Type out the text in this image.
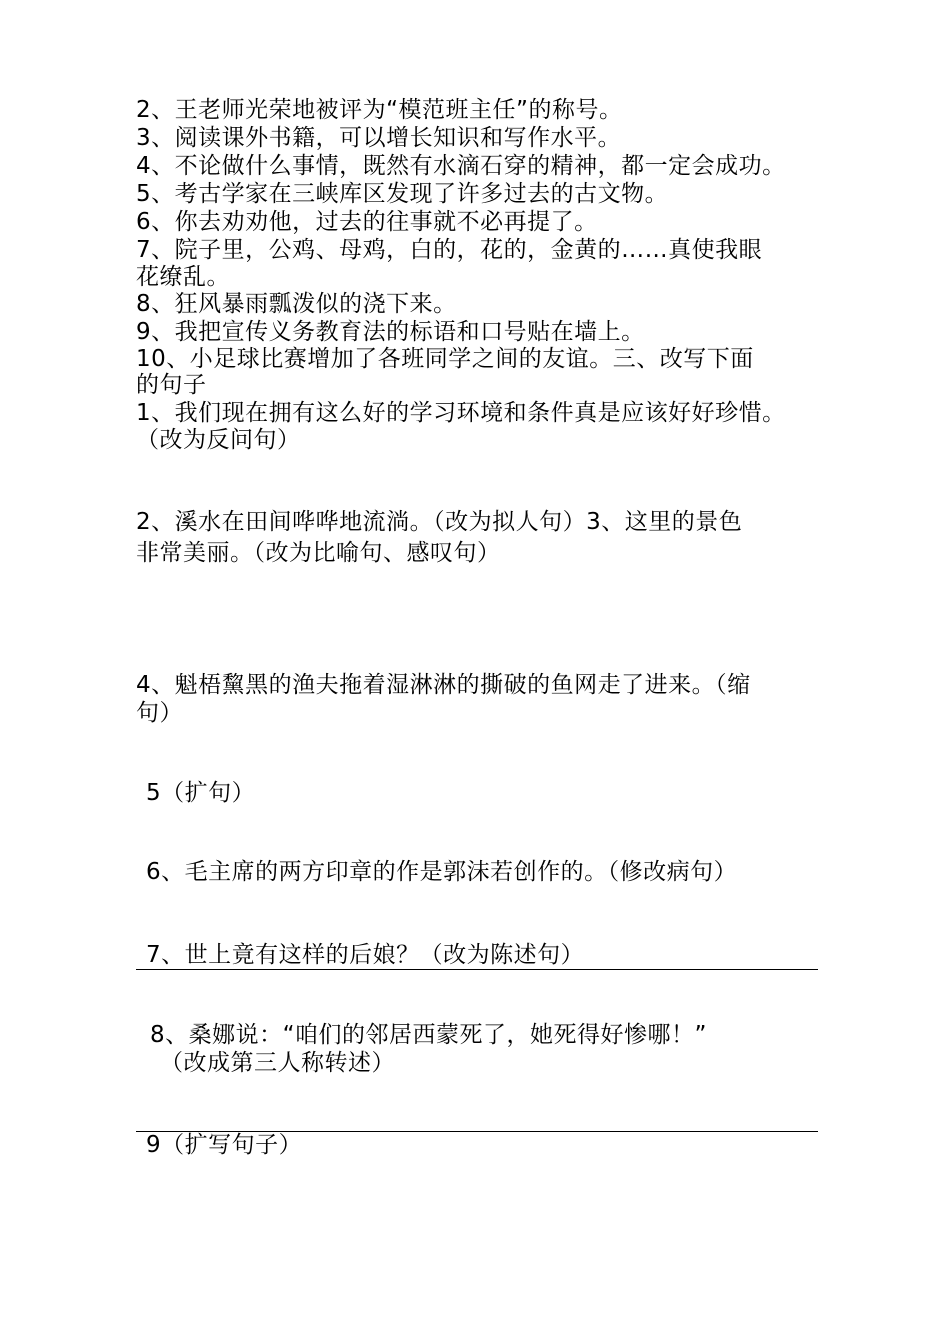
2、王老师光荣地被评为“模范班主任”的称号。
3、阅读课外书籍，可以增长知识和写作水平。
4、不论做什么事情，既然有水滴石穿的精神，都一定会成功。
5、考古学家在三峡库区发现了许多过去的古文物。
6、你去劝劝他，过去的往事就不必再提了。
7、院子里，公鸡、母鸡，白的，花的，金黄的……真使我眼
花缭乱。
8、狂风暴雨瓢泼似的浇下来。
9、我把宣传义务教育法的标语和口号贴在墙上。
10、小足球比赛增加了各班同学之间的友谊。三、改写下面
的句子
1、我们现在拥有这么好的学习环境和条件真是应该好好珍惜。
（改为反问句）
2、溪水在田间哗哗地流淌。（改为拟人句）3、这里的景色
非常美丽。（改为比喻句、感叹句）
4、魁梧黧黑的渔夫拖着湿淋淋的撕破的鱼网走了进来。（缩
句）
5（扩句）
6、毛主席的两方印章的作是郭沫若创作的。（修改病句）
7、世上竟有这样的后娘？（改为陈述句）
8、桑娜说：“咱们的邻居西蒙死了，她死得好惨哪！”
（改成第三人称转述）
9（扩写句子）
